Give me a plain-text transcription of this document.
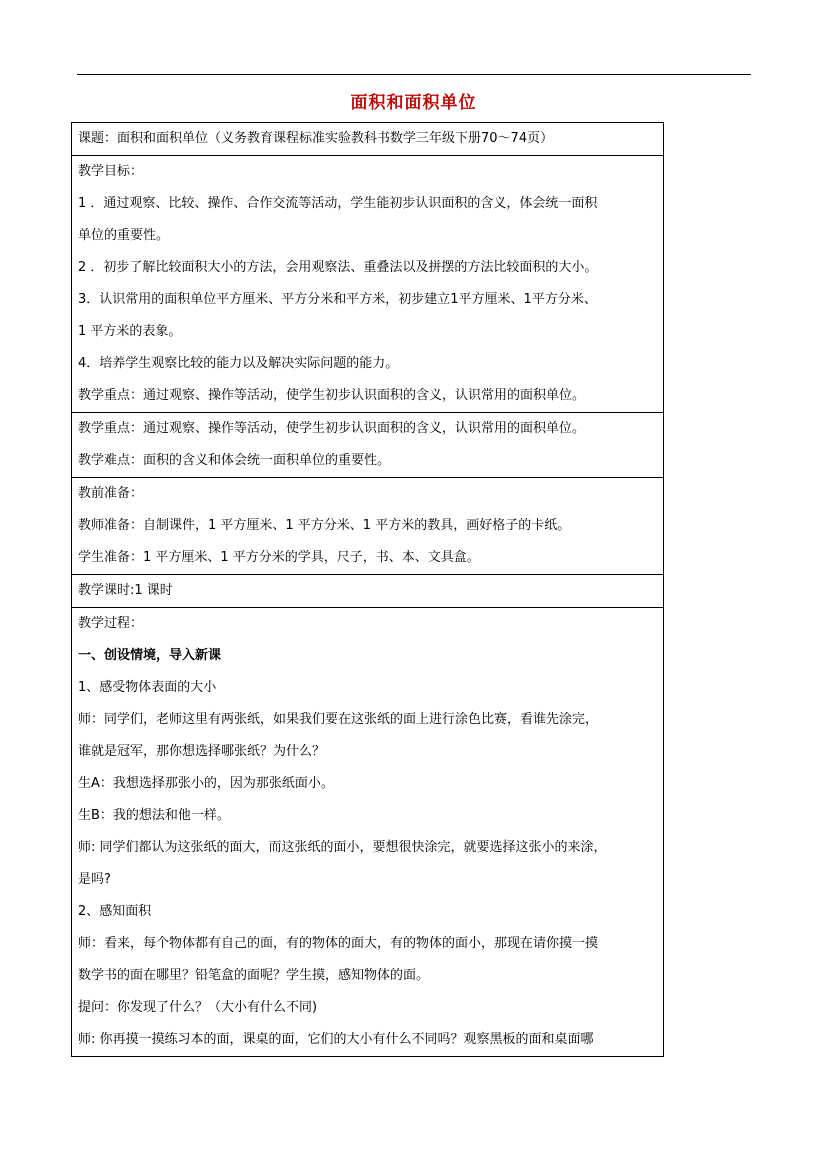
面积和面积单位
课题：面积和面积单位（义务教育课程标准实验教科书数学三年级下册70～74页）

教学目标：
1 ．通过观察、比较、操作、合作交流等活动，学生能初步认识面积的含义，体会统一面积
单位的重要性。
2 ．初步了解比较面积大小的方法，会用观察法、重叠法以及拼摆的方法比较面积的大小。
3．认识常用的面积单位平方厘米、平方分米和平方米，初步建立1平方厘米、1平方分米、
1 平方米的表象。
4．培养学生观察比较的能力以及解决实际问题的能力。
教学重点：通过观察、操作等活动，使学生初步认识面积的含义，认识常用的面积单位。

教学重点：通过观察、操作等活动，使学生初步认识面积的含义，认识常用的面积单位。
教学难点：面积的含义和体会统一面积单位的重要性。

教前准备：
教师准备：自制课件，1 平方厘米、1 平方分米、1 平方米的教具，画好格子的卡纸。
学生准备：1 平方厘米、1 平方分米的学具，尺子，书、本、文具盒。

教学课时:1 课时

教学过程：
一、创设情境，导入新课
1、感受物体表面的大小
师：同学们，老师这里有两张纸，如果我们要在这张纸的面上进行涂色比赛，看谁先涂完，
谁就是冠军，那你想选择哪张纸？为什么？
生A：我想选择那张小的，因为那张纸面小。
生B：我的想法和他一样。
师: 同学们都认为这张纸的面大，而这张纸的面小，要想很快涂完，就要选择这张小的来涂，
是吗?
2、感知面积
师：看来，每个物体都有自己的面，有的物体的面大，有的物体的面小，那现在请你摸一摸
数学书的面在哪里？铅笔盒的面呢？学生摸，感知物体的面。
提问：你发现了什么？（大小有什么不同)
师: 你再摸一摸练习本的面，课桌的面，它们的大小有什么不同吗？观察黑板的面和桌面哪
